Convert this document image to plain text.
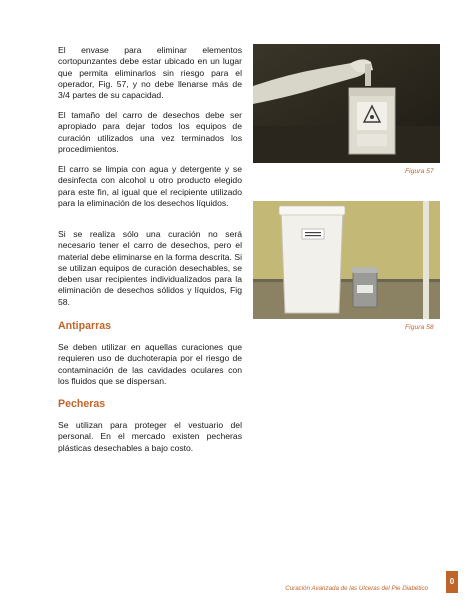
El envase para eliminar elementos cortopunzantes debe estar ubicado en un lugar que permita eliminarlos sin riesgo para el operador, Fig. 57, y no debe llenarse más de 3/4 partes de su capacidad.

El tamaño del carro de desechos debe ser apropiado para dejar todos los equipos de curación utilizados una vez terminados los procedimientos.

El carro se limpia con agua y detergente y se desinfecta con alcohol u otro producto elegido para este fin, al igual que el recipiente utilizado para la eliminación de los desechos líquidos.

Si se realiza sólo una curación no será necesario tener el carro de desechos, pero el material debe eliminarse en la forma descrita. Si se utilizan equipos de curación desechables, se deben usar recipientes individualizados para la eliminación de desechos sólidos y líquidos, Fig 58.

Antiparras

Se deben utilizar en aquellas curaciones que requieren uso de duchoterapia por el riesgo de contaminación de las cavidades oculares con los fluidos que se dispersan.

Pecheras

Se utilizan para proteger el vestuario del personal. En el mercado existen pecheras plásticas desechables a bajo costo.

Figura 57
Figura 58
Curación Avanzada de las Ulceras del Pie Diabético
0
